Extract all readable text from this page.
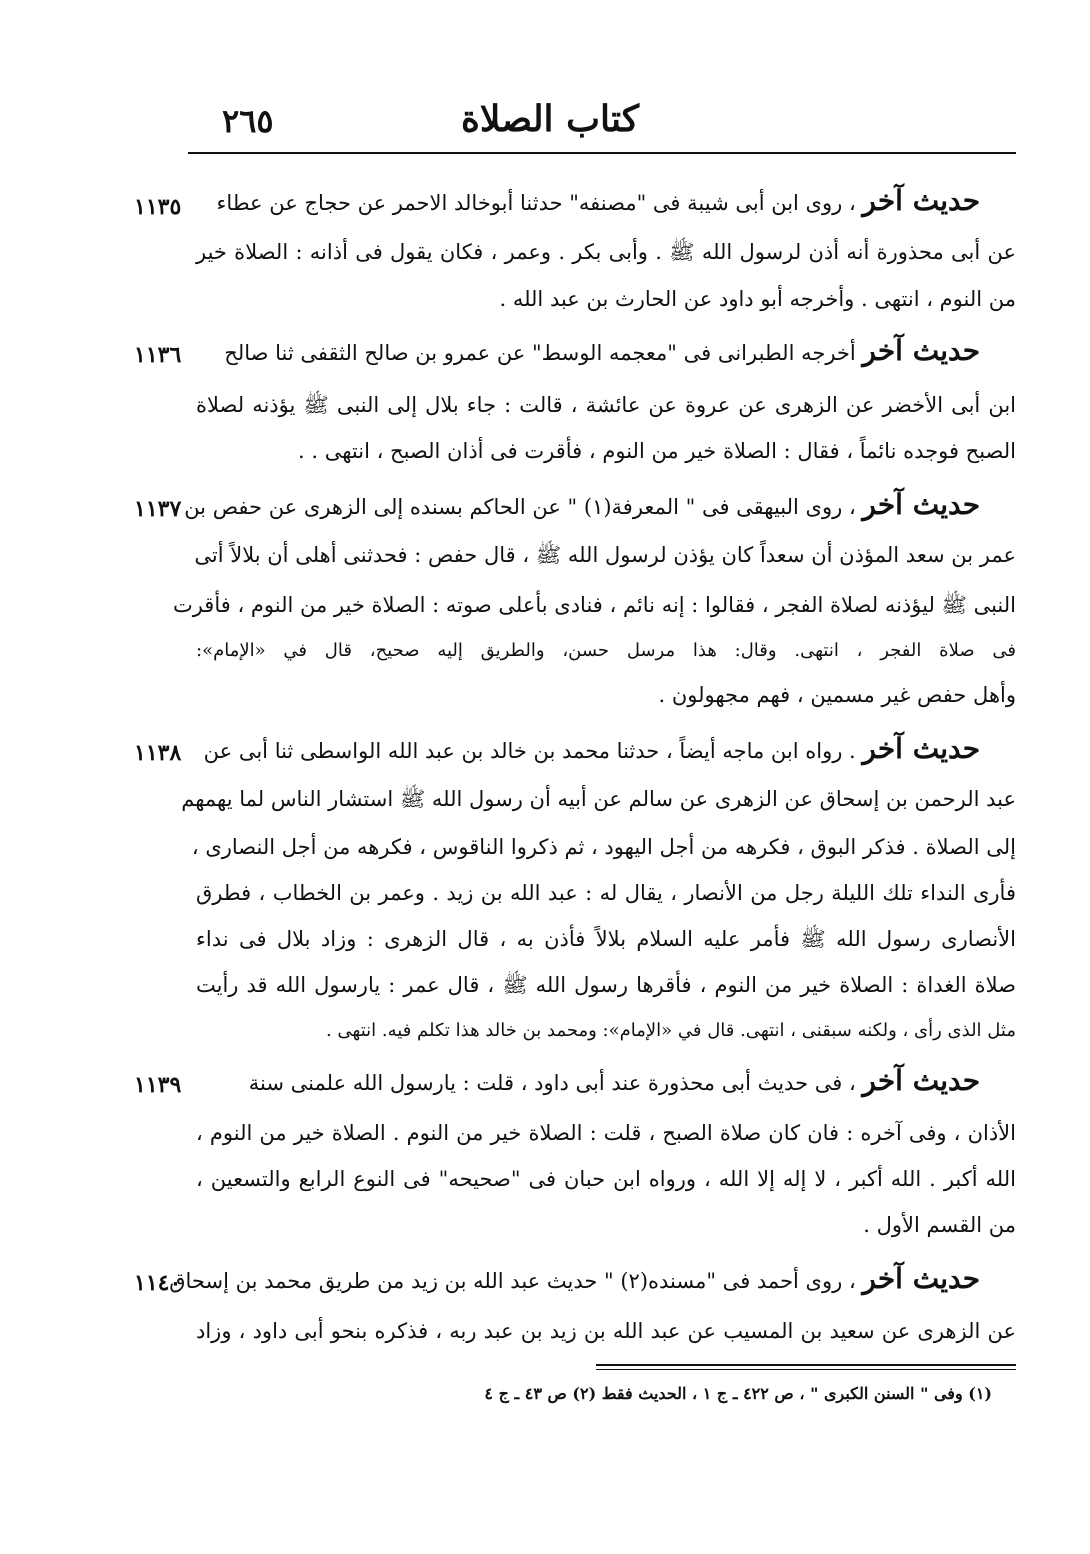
كتاب الصلاة
٢٦٥
١١٣٥	حديث آخر ، روى ابن أبى شيبة فى "مصنفه" حدثنا أبوخالد الاحمر عن حجاج عن عطاء
عن أبى محذورة أنه أذن لرسول الله ﷺ . وأبى بكر . وعمر ، فكان يقول فى أذانه : الصلاة خير
من النوم ، انتهى . وأخرجه أبو داود عن الحارث بن عبد الله .
١١٣٦	حديث آخر أخرجه الطبرانى فى "معجمه الوسط" عن عمرو بن صالح الثقفى ثنا صالح
ابن أبى الأخضر عن الزهرى عن عروة عن عائشة ، قالت : جاء بلال إلى النبى ﷺ يؤذنه لصلاة
الصبح فوجده نائماً ، فقال : الصلاة خير من النوم ، فأقرت فى أذان الصبح ، انتهى . .
١١٣٧	حديث آخر ، روى البيهقى فى " المعرفة(١) " عن الحاكم بسنده إلى الزهرى عن حفص بن
عمر بن سعد المؤذن أن سعداً كان يؤذن لرسول الله ﷺ ، قال حفص : فحدثنى أهلى أن بلالاً أتى
النبى ﷺ ليؤذنه لصلاة الفجر ، فقالوا : إنه نائم ، فنادى بأعلى صوته : الصلاة خير من النوم ، فأقرت
فى صلاة الفجر ، انتهى. وقال: هذا مرسل حسن، والطريق إليه صحيح، قال في «الإمام»:
وأهل حفص غير مسمين ، فهم مجهولون .
١١٣٨	حديث آخر . رواه ابن ماجه أيضاً ، حدثنا محمد بن خالد بن عبد الله الواسطى ثنا أبى عن
عبد الرحمن بن إسحاق عن الزهرى عن سالم عن أبيه أن رسول الله ﷺ استشار الناس لما يهمهم
إلى الصلاة . فذكر البوق ، فكرهه من أجل اليهود ، ثم ذكروا الناقوس ، فكرهه من أجل النصارى ،
فأرى النداء تلك الليلة رجل من الأنصار ، يقال له : عبد الله بن زيد . وعمر بن الخطاب ، فطرق
الأنصارى رسول الله ﷺ فأمر عليه السلام بلالاً فأذن به ، قال الزهرى : وزاد بلال فى نداء
صلاة الغداة : الصلاة خير من النوم ، فأقرها رسول الله ﷺ ، قال عمر : يارسول الله قد رأيت
مثل الذى رأى ، ولكنه سبقنى ، انتهى. قال في «الإمام»: ومحمد بن خالد هذا تكلم فيه. انتهى .
١١٣٩	حديث آخر ، فى حديث أبى محذورة عند أبى داود ، قلت : يارسول الله علمنى سنة
الأذان ، وفى آخره : فان كان صلاة الصبح ، قلت : الصلاة خير من النوم . الصلاة خير من النوم ،
الله أكبر . الله أكبر ، لا إله إلا الله ، ورواه ابن حبان فى "صحيحه" فى النوع الرابع والتسعين ،
من القسم الأول .
١١٤٠	حديث آخر ، روى أحمد فى "مسنده(٢) " حديث عبد الله بن زيد من طريق محمد بن إسحاق
عن الزهرى عن سعيد بن المسيب عن عبد الله بن زيد بن عبد ربه ، فذكره بنحو أبى داود ، وزاد
(١) وفى " السنن الكبرى " ، ص ٤٢٢ ـ ج ١ ، الحديث فقط (٢) ص ٤٣ ـ ج ٤
